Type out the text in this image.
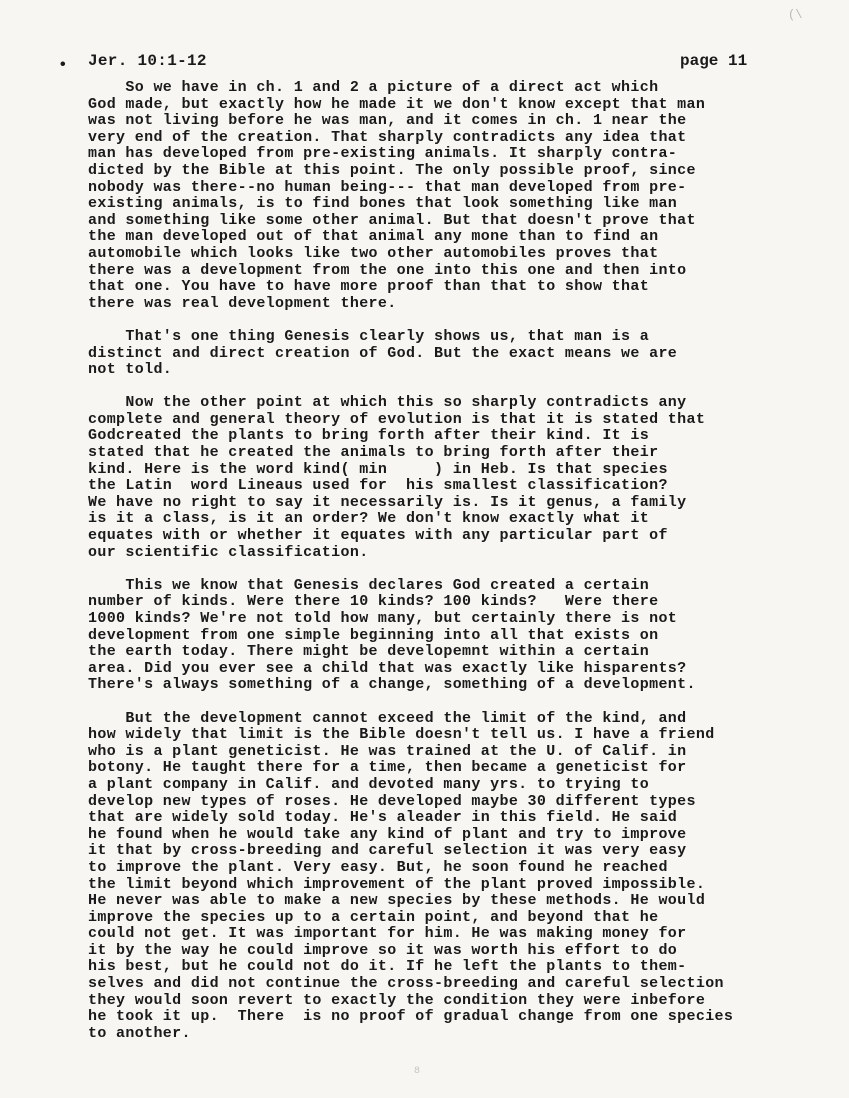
(\
• Jer. 10:1-12	page 11
So we have in ch. 1 and 2 a picture of a direct act which
God made, but exactly how he made it we don't know except that man
was not living before he was man, and it comes in ch. 1 near the
very end of the creation. That sharply contradicts any idea that
man has developed from pre-existing animals. It sharply contra-
dicted by the Bible at this point. The only possible proof, since
nobody was there--no human being--- that man developed from pre-
existing animals, is to find bones that look something like man
and something like some other animal. But that doesn't prove that
the man developed out of that animal any mone than to find an
automobile which looks like two other automobiles proves that
there was a development from the one into this one and then into
that one. You have to have more proof than that to show that
there was real development there.
That's one thing Genesis clearly shows us, that man is a
distinct and direct creation of God. But the exact means we are
not told.
Now the other point at which this so sharply contradicts any
complete and general theory of evolution is that it is stated that
Godcreated the plants to bring forth after their kind. It is
stated that he created the animals to bring forth after their
kind. Here is the word kind( min     ) in Heb. Is that species
the Latin  word Lineaus used for  his smallest classification?
We have no right to say it necessarily is. Is it genus, a family
is it a class, is it an order? We don't know exactly what it
equates with or whether it equates with any particular part of
our scientific classification.
This we know that Genesis declares God created a certain
number of kinds. Were there 10 kinds? 100 kinds?   Were there
1000 kinds? We're not told how many, but certainly there is not
development from one simple beginning into all that exists on
the earth today. There might be developemnt within a certain
area. Did you ever see a child that was exactly like hisparents?
There's always something of a change, something of a development.
But the development cannot exceed the limit of the kind, and
how widely that limit is the Bible doesn't tell us. I have a friend
who is a plant geneticist. He was trained at the U. of Calif. in
botony. He taught there for a time, then became a geneticist for
a plant company in Calif. and devoted many yrs. to trying to
develop new types of roses. He developed maybe 30 different types
that are widely sold today. He's aleader in this field. He said
he found when he would take any kind of plant and try to improve
it that by cross-breeding and careful selection it was very easy
to improve the plant. Very easy. But, he soon found he reached
the limit beyond which improvement of the plant proved impossible.
He never was able to make a new species by these methods. He would
improve the species up to a certain point, and beyond that he
could not get. It was important for him. He was making money for
it by the way he could improve so it was worth his effort to do
his best, but he could not do it. If he left the plants to them-
selves and did not continue the cross-breeding and careful selection
they would soon revert to exactly the condition they were inbefore
he took it up.  There  is no proof of gradual change from one species
to another.
8
